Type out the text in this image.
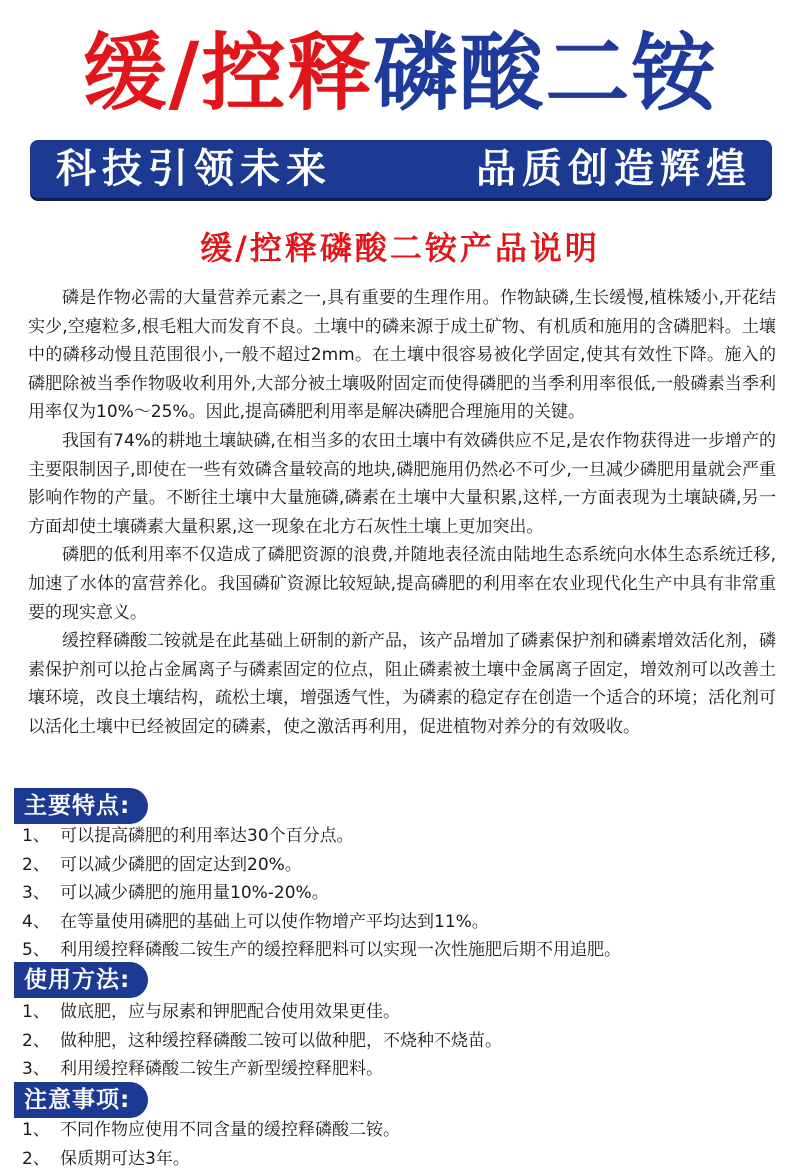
缓/控释磷酸二铵
科技引领未来	品质创造辉煌
缓/控释磷酸二铵产品说明

磷是作物必需的大量营养元素之一,具有重要的生理作用。作物缺磷,生长缓慢,植株矮小,开花结实少,空瘪粒多,根毛粗大而发育不良。土壤中的磷来源于成土矿物、有机质和施用的含磷肥料。土壤中的磷移动慢且范围很小,一般不超过2mm。在土壤中很容易被化学固定,使其有效性下降。施入的磷肥除被当季作物吸收利用外,大部分被土壤吸附固定而使得磷肥的当季利用率很低,一般磷素当季利用率仅为10%～25%。因此,提高磷肥利用率是解决磷肥合理施用的关键。

我国有74%的耕地土壤缺磷,在相当多的农田土壤中有效磷供应不足,是农作物获得进一步增产的主要限制因子,即使在一些有效磷含量较高的地块,磷肥施用仍然必不可少,一旦减少磷肥用量就会严重影响作物的产量。不断往土壤中大量施磷,磷素在土壤中大量积累,这样,一方面表现为土壤缺磷,另一方面却使土壤磷素大量积累,这一现象在北方石灰性土壤上更加突出。

磷肥的低利用率不仅造成了磷肥资源的浪费,并随地表径流由陆地生态系统向水体生态系统迁移,加速了水体的富营养化。我国磷矿资源比较短缺,提高磷肥的利用率在农业现代化生产中具有非常重要的现实意义。

缓控释磷酸二铵就是在此基础上研制的新产品，该产品增加了磷素保护剂和磷素增效活化剂，磷素保护剂可以抢占金属离子与磷素固定的位点，阻止磷素被土壤中金属离子固定，增效剂可以改善土壤环境，改良土壤结构，疏松土壤，增强透气性，为磷素的稳定存在创造一个适合的环境；活化剂可以活化土壤中已经被固定的磷素，使之激活再利用，促进植物对养分的有效吸收。

主要特点:
1、 可以提高磷肥的利用率达30个百分点。
2、 可以减少磷肥的固定达到20%。
3、 可以减少磷肥的施用量10%-20%。
4、 在等量使用磷肥的基础上可以使作物增产平均达到11%。
5、 利用缓控释磷酸二铵生产的缓控释肥料可以实现一次性施肥后期不用追肥。
使用方法:
1、 做底肥，应与尿素和钾肥配合使用效果更佳。
2、 做种肥，这种缓控释磷酸二铵可以做种肥，不烧种不烧苗。
3、 利用缓控释磷酸二铵生产新型缓控释肥料。
注意事项:
1、 不同作物应使用不同含量的缓控释磷酸二铵。
2、 保质期可达3年。
